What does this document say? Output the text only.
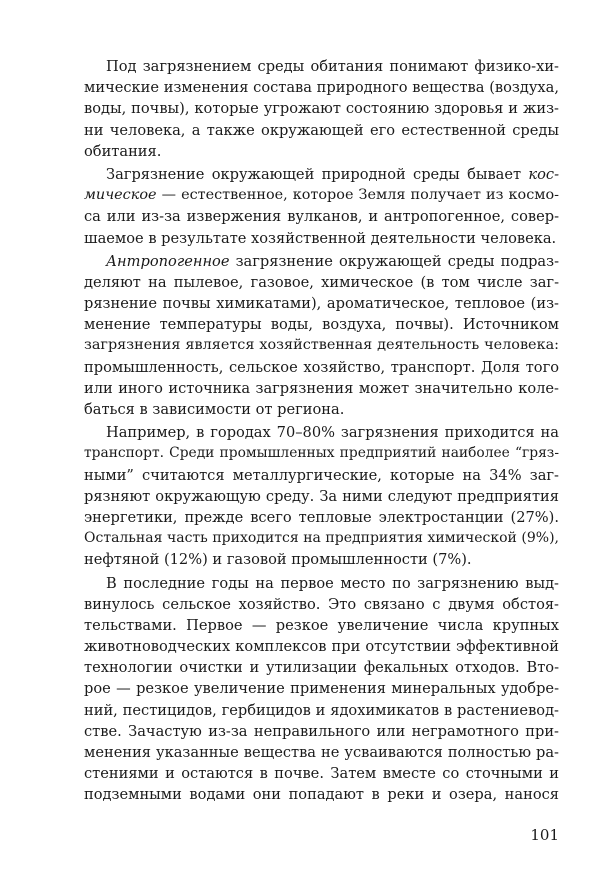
Под загрязнением среды обитания понимают физико-хи-
мические изменения состава природного вещества (воздуха,
воды, почвы), которые угрожают состоянию здоровья и жиз-
ни человека, а также окружающей его естественной среды
обитания.
Загрязнение окружающей природной среды бывает кос-
мическое — естественное, которое Земля получает из космо-
са или из-за извержения вулканов, и антропогенное, совер-
шаемое в результате хозяйственной деятельности человека.
Антропогенное загрязнение окружающей среды подраз-
деляют на пылевое, газовое, химическое (в том числе заг-
рязнение почвы химикатами), ароматическое, тепловое (из-
менение температуры воды, воздуха, почвы). Источником
загрязнения является хозяйственная деятельность человека:
промышленность, сельское хозяйство, транспорт. Доля того
или иного источника загрязнения может значительно коле-
баться в зависимости от региона.
Например, в городах 70–80% загрязнения приходится на
транспорт. Среди промышленных предприятий наиболее “гряз-
ными” считаются металлургические, которые на 34% заг-
рязняют окружающую среду. За ними следуют предприятия
энергетики, прежде всего тепловые электростанции (27%).
Остальная часть приходится на предприятия химической (9%),
нефтяной (12%) и газовой промышленности (7%).
В последние годы на первое место по загрязнению выд-
винулось сельское хозяйство. Это связано с двумя обстоя-
тельствами. Первое — резкое увеличение числа крупных
животноводческих комплексов при отсутствии эффективной
технологии очистки и утилизации фекальных отходов. Вто-
рое — резкое увеличение применения минеральных удобре-
ний, пестицидов, гербицидов и ядохимикатов в растениевод-
стве. Зачастую из-за неправильного или неграмотного при-
менения указанные вещества не усваиваются полностью ра-
стениями и остаются в почве. Затем вместе со сточными и
подземными водами они попадают в реки и озера, нанося
101
